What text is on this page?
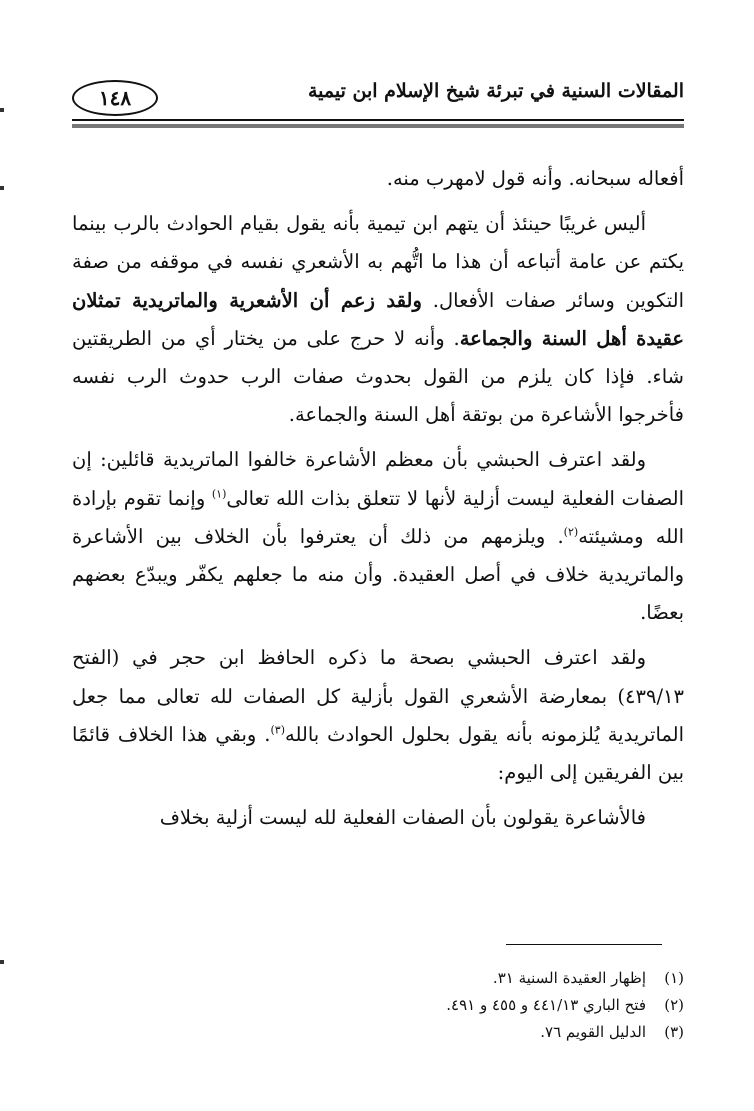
١٤٨	المقالات السنية في تبرئة شيخ الإسلام ابن تيمية

أفعاله سبحانه. وأنه قول لامهرب منه.

أليس غريبًا حينئذ أن يتهم ابن تيمية بأنه يقول بقيام الحوادث بالرب بينما يكتم عن عامة أتباعه أن هذا ما اتُّهم به الأشعري نفسه في موقفه من صفة التكوين وسائر صفات الأفعال. ولقد زعم أن الأشعرية والماتريدية تمثلان عقيدة أهل السنة والجماعة. وأنه لا حرج على من يختار أي من الطريقتين شاء. فإذا كان يلزم من القول بحدوث صفات الرب حدوث الرب نفسه فأخرجوا الأشاعرة من بوتقة أهل السنة والجماعة.

ولقد اعترف الحبشي بأن معظم الأشاعرة خالفوا الماتريدية قائلين: إن الصفات الفعلية ليست أزلية لأنها لا تتعلق بذات الله تعالى$^{(١)}$ وإنما تقوم بإرادة الله ومشيئته$^{(٢)}$. ويلزمهم من ذلك أن يعترفوا بأن الخلاف بين الأشاعرة والماتريدية خلاف في أصل العقيدة. وأن منه ما جعلهم يكفّر ويبدّع بعضهم بعضًا.

ولقد اعترف الحبشي بصحة ما ذكره الحافظ ابن حجر في (الفتح ٤٣٩/١٣) بمعارضة الأشعري القول بأزلية كل الصفات لله تعالى مما جعل الماتريدية يُلزمونه بأنه يقول بحلول الحوادث بالله$^{(٣)}$. وبقي هذا الخلاف قائمًا بين الفريقين إلى اليوم:

فالأشاعرة يقولون بأن الصفات الفعلية لله ليست أزلية بخلاف

(١)
إظهار العقيدة السنية ٣١.
(٢)
فتح الباري ٤٤١/١٣ و ٤٥٥ و ٤٩١.
(٣)
الدليل القويم ٧٦.
